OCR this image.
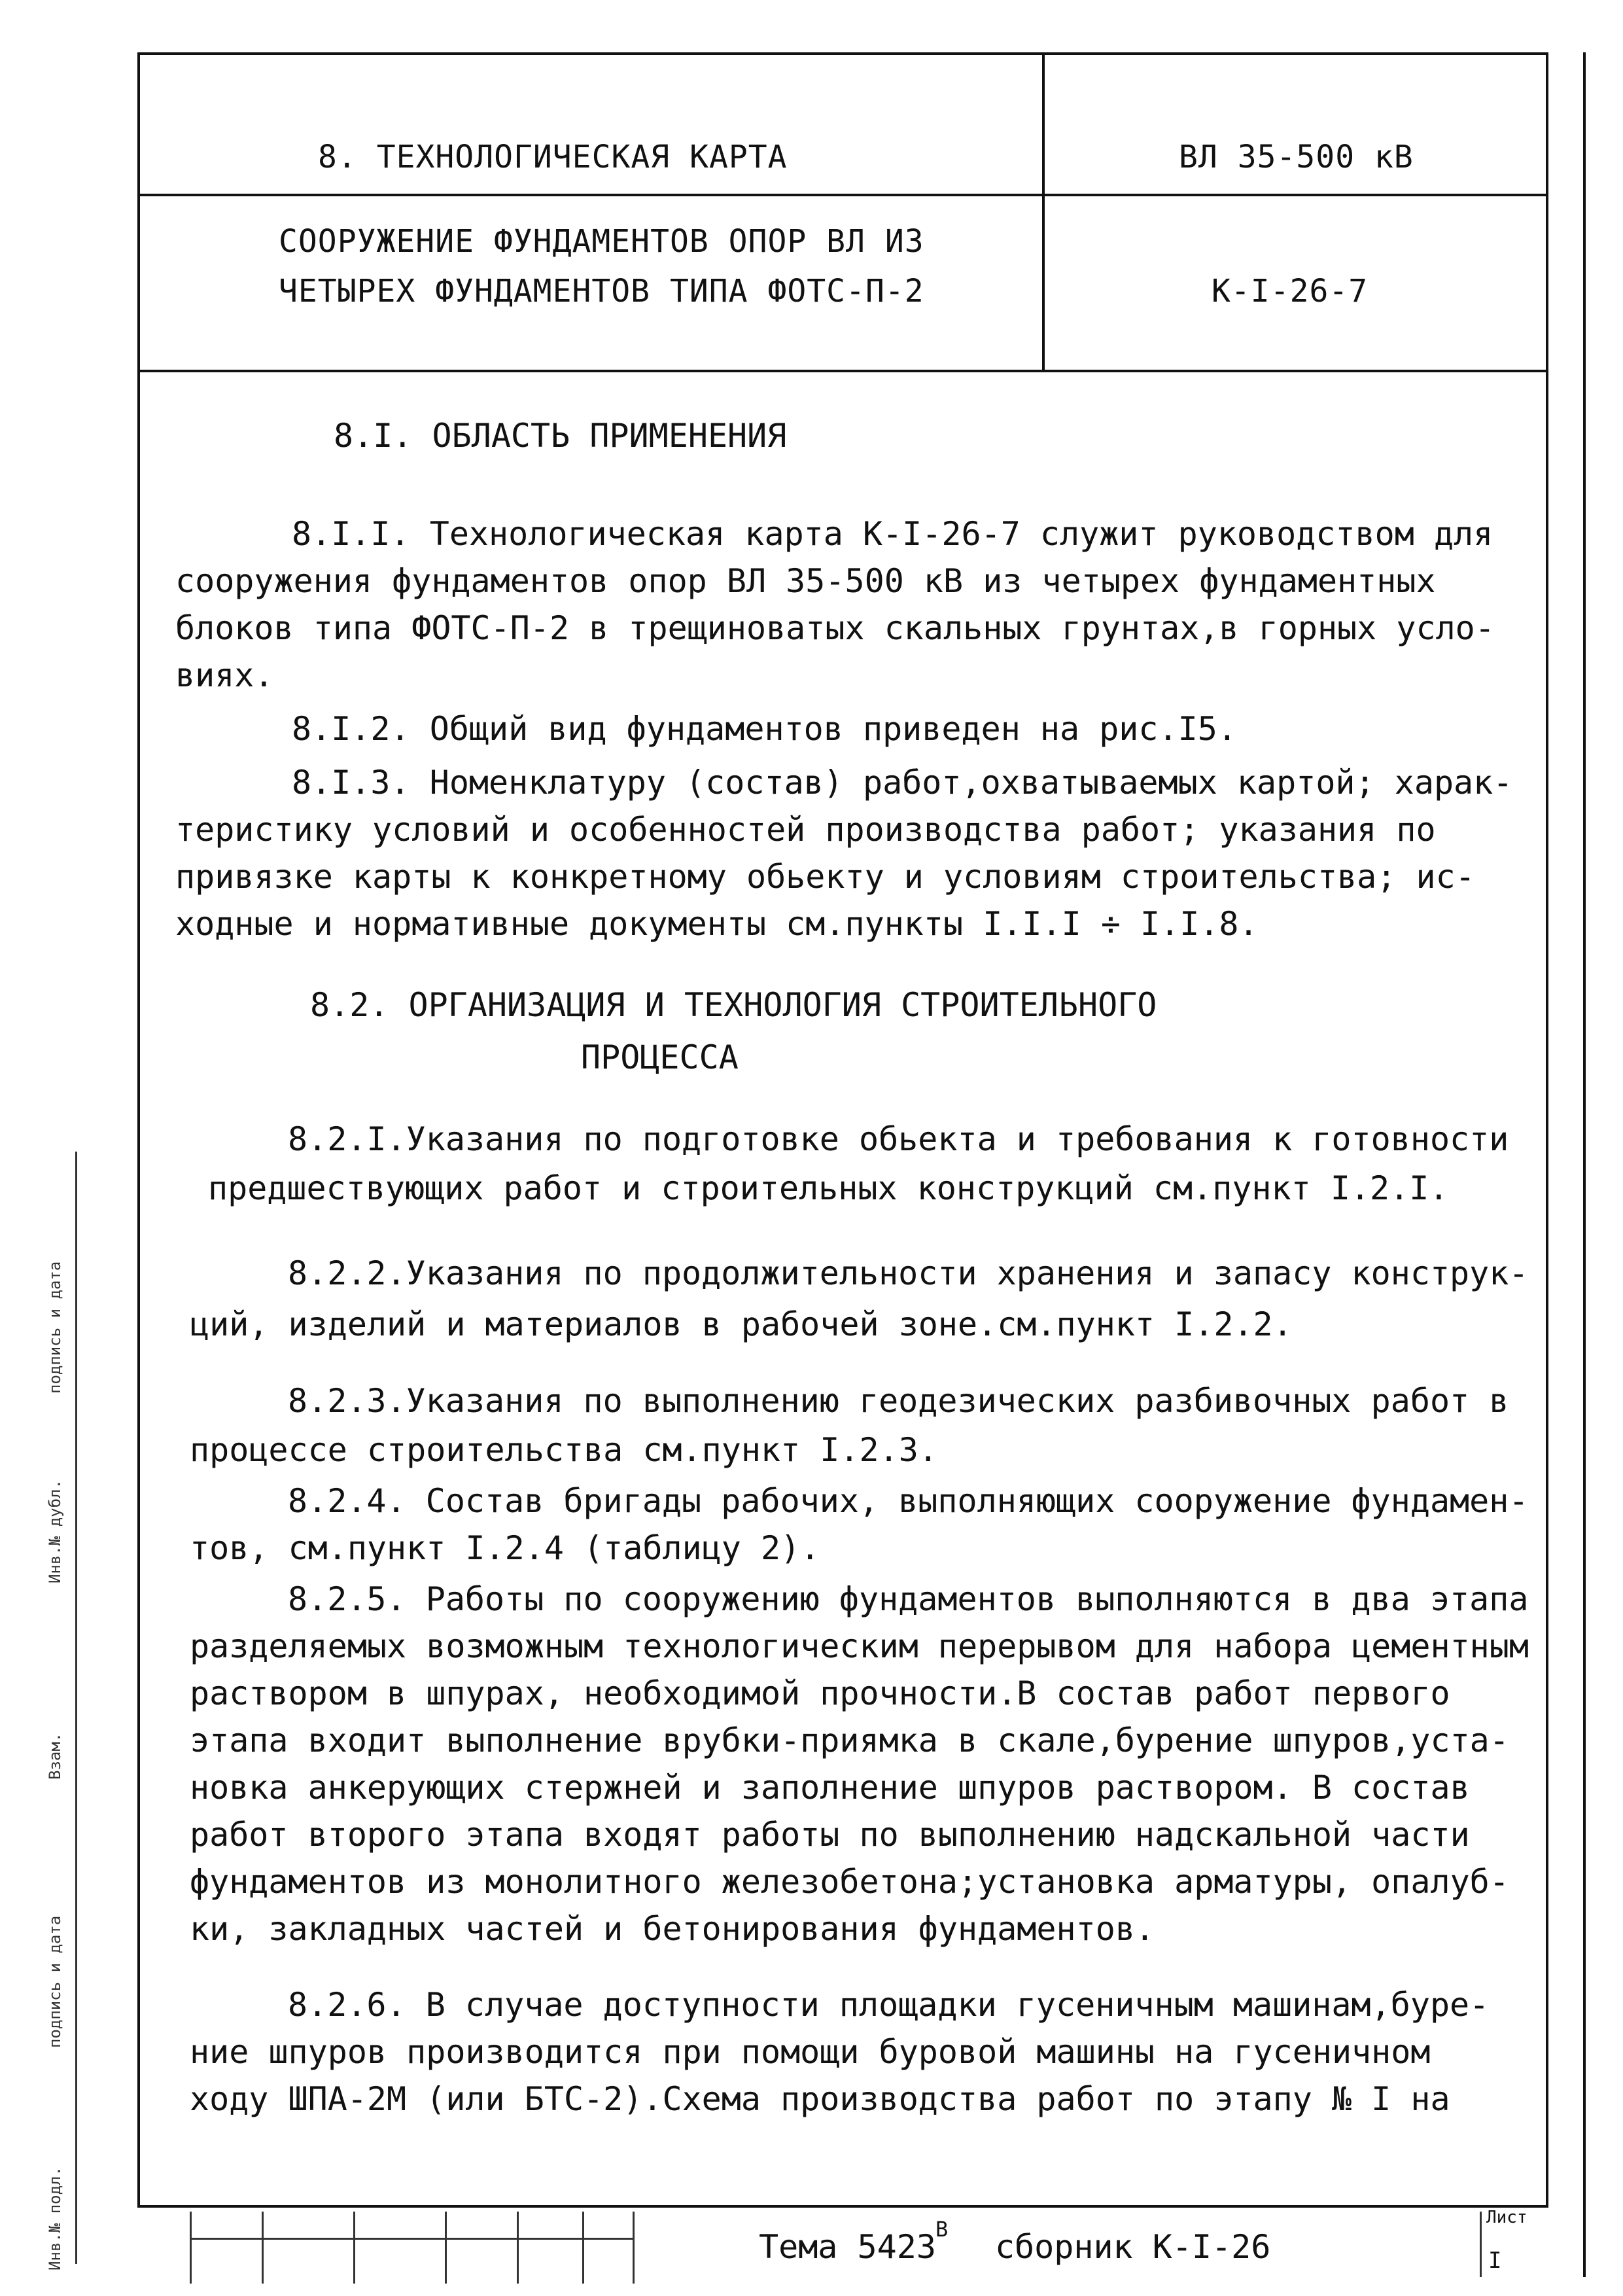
8. ТЕХНОЛОГИЧЕСКАЯ КАРТА	ВЛ 35-500 кВ
СООРУЖЕНИЕ ФУНДАМЕНТОВ ОПОР ВЛ ИЗ
ЧЕТЫРЕХ ФУНДАМЕНТОВ ТИПА ФОТС-П-2	К-I-26-7
8.I. ОБЛАСТЬ ПРИМЕНЕНИЯ
8.I.I. Технологическая карта К-I-26-7 служит руководством для
сооружения фундаментов опор ВЛ 35-500 кВ из четырех фундаментных
блоков типа ФОТС-П-2 в трещиноватых скальных грунтах,в горных усло-
виях.
8.I.2. Общий вид фундаментов приведен на рис.I5.
8.I.3. Номенклатуру (состав) работ,охватываемых картой; харак-
теристику условий и особенностей производства работ; указания по
привязке карты к конкретному обьекту и условиям строительства; ис-
ходные и нормативные документы см.пункты I.I.I ÷ I.I.8.
8.2. ОРГАНИЗАЦИЯ И ТЕХНОЛОГИЯ СТРОИТЕЛЬНОГО
ПРОЦЕССА
8.2.I.Указания по подготовке обьекта и требования к готовности
предшествующих работ и строительных конструкций см.пункт I.2.I.
8.2.2.Указания по продолжительности хранения и запасу конструк-
ций, изделий и материалов в рабочей зоне.см.пункт I.2.2.
8.2.3.Указания по выполнению геодезических разбивочных работ в
процессе строительства см.пункт I.2.3.
8.2.4. Состав бригады рабочих, выполняющих сооружение фундамен-
тов, см.пункт I.2.4 (таблицу 2).
8.2.5. Работы по сооружению фундаментов выполняются в два этапа
разделяемых возможным технологическим перерывом для набора цементным
раствором в шпурах, необходимой прочности.В состав работ первого
этапа входит выполнение врубки-приямка в скале,бурение шпуров,уста-
новка анкерующих стержней и заполнение шпуров раствором. В состав
работ второго этапа входят работы по выполнению надскальной части
фундаментов из монолитного железобетона;установка арматуры, опалуб-
ки, закладных частей и бетонирования фундаментов.
8.2.6. В случае доступности площадки гусеничным машинам,буре-
ние шпуров производится при помощи буровой машины на гусеничном
ходу ШПА-2М (или БТС-2).Схема производства работ по этапу № I на
подпись и дата
Инв.№ дубл.
Взам.
подпись и дата
Инв.№ подл.	Тема 5423 сборник К-I-26
В	Лист
I
